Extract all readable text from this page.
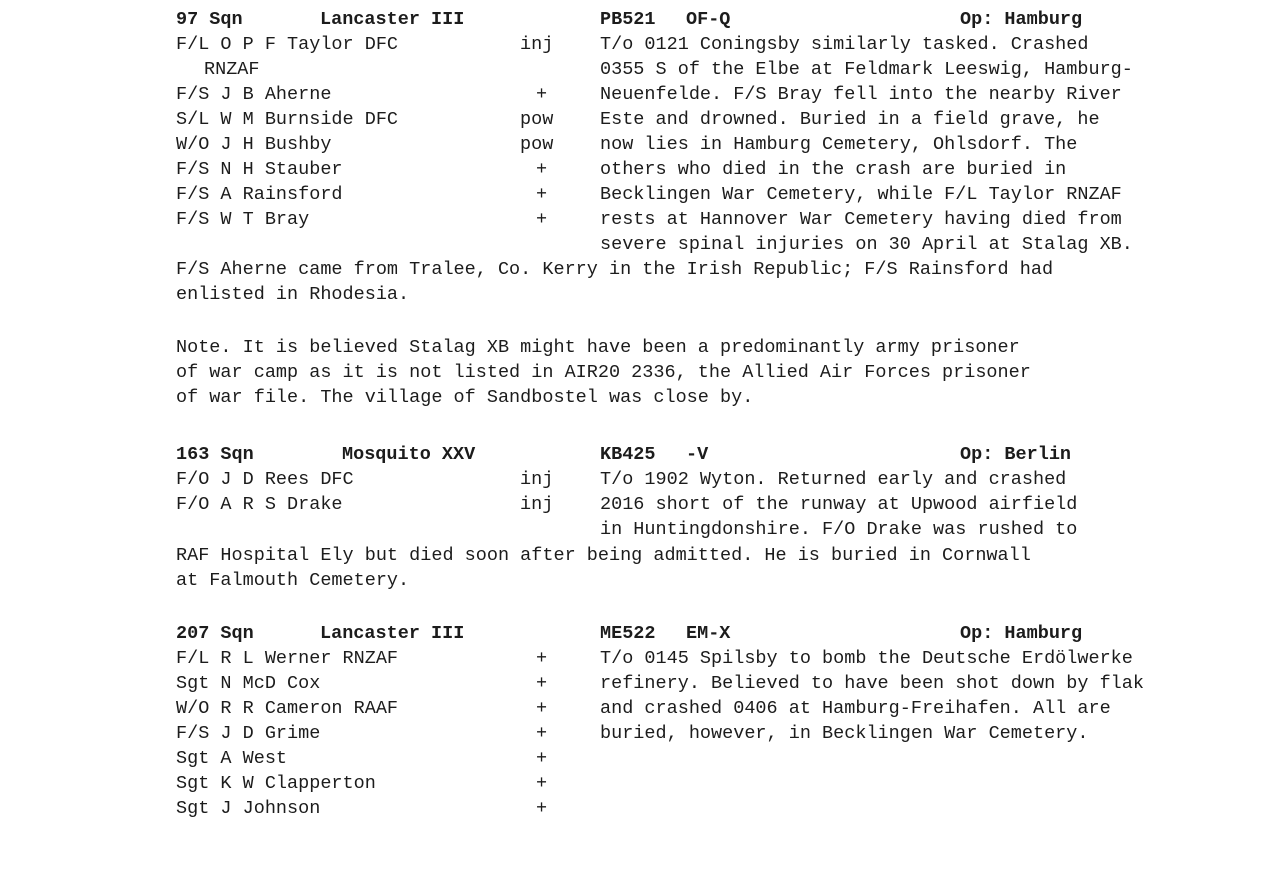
97 Sqn	Lancaster III	PB521 OF-Q	Op: Hamburg
F/L O P F Taylor DFC	inj
RNZAF
F/S J B Aherne	+
S/L W M Burnside DFC	pow
W/O J H Bushby	pow
F/S N H Stauber	+
F/S A Rainsford	+
F/S W T Bray	+
T/o 0121 Coningsby similarly tasked. Crashed
0355 S of the Elbe at Feldmark Leeswig, Hamburg-
Neuenfelde. F/S Bray fell into the nearby River
Este and drowned. Buried in a field grave, he
now lies in Hamburg Cemetery, Ohlsdorf. The
others who died in the crash are buried in
Becklingen War Cemetery, while F/L Taylor RNZAF
rests at Hannover War Cemetery having died from
severe spinal injuries on 30 April at Stalag XB.
F/S Aherne came from Tralee, Co. Kerry in the Irish Republic; F/S Rainsford had
enlisted in Rhodesia.
Note. It is believed Stalag XB might have been a predominantly army prisoner
of war camp as it is not listed in AIR20 2336, the Allied Air Forces prisoner
of war file. The village of Sandbostel was close by.
163 Sqn	Mosquito XXV	KB425 -V	Op: Berlin
F/O J D Rees DFC	inj
F/O A R S Drake	inj
T/o 1902 Wyton. Returned early and crashed
2016 short of the runway at Upwood airfield
in Huntingdonshire. F/O Drake was rushed to
RAF Hospital Ely but died soon after being admitted. He is buried in Cornwall
at Falmouth Cemetery.
207 Sqn	Lancaster III	ME522 EM-X	Op: Hamburg
F/L R L Werner RNZAF	+
Sgt N McD Cox	+
W/O R R Cameron RAAF	+
F/S J D Grime	+
Sgt A West	+
Sgt K W Clapperton	+
Sgt J Johnson	+
T/o 0145 Spilsby to bomb the Deutsche Erdölwerke
refinery. Believed to have been shot down by flak
and crashed 0406 at Hamburg-Freihafen. All are
buried, however, in Becklingen War Cemetery.
